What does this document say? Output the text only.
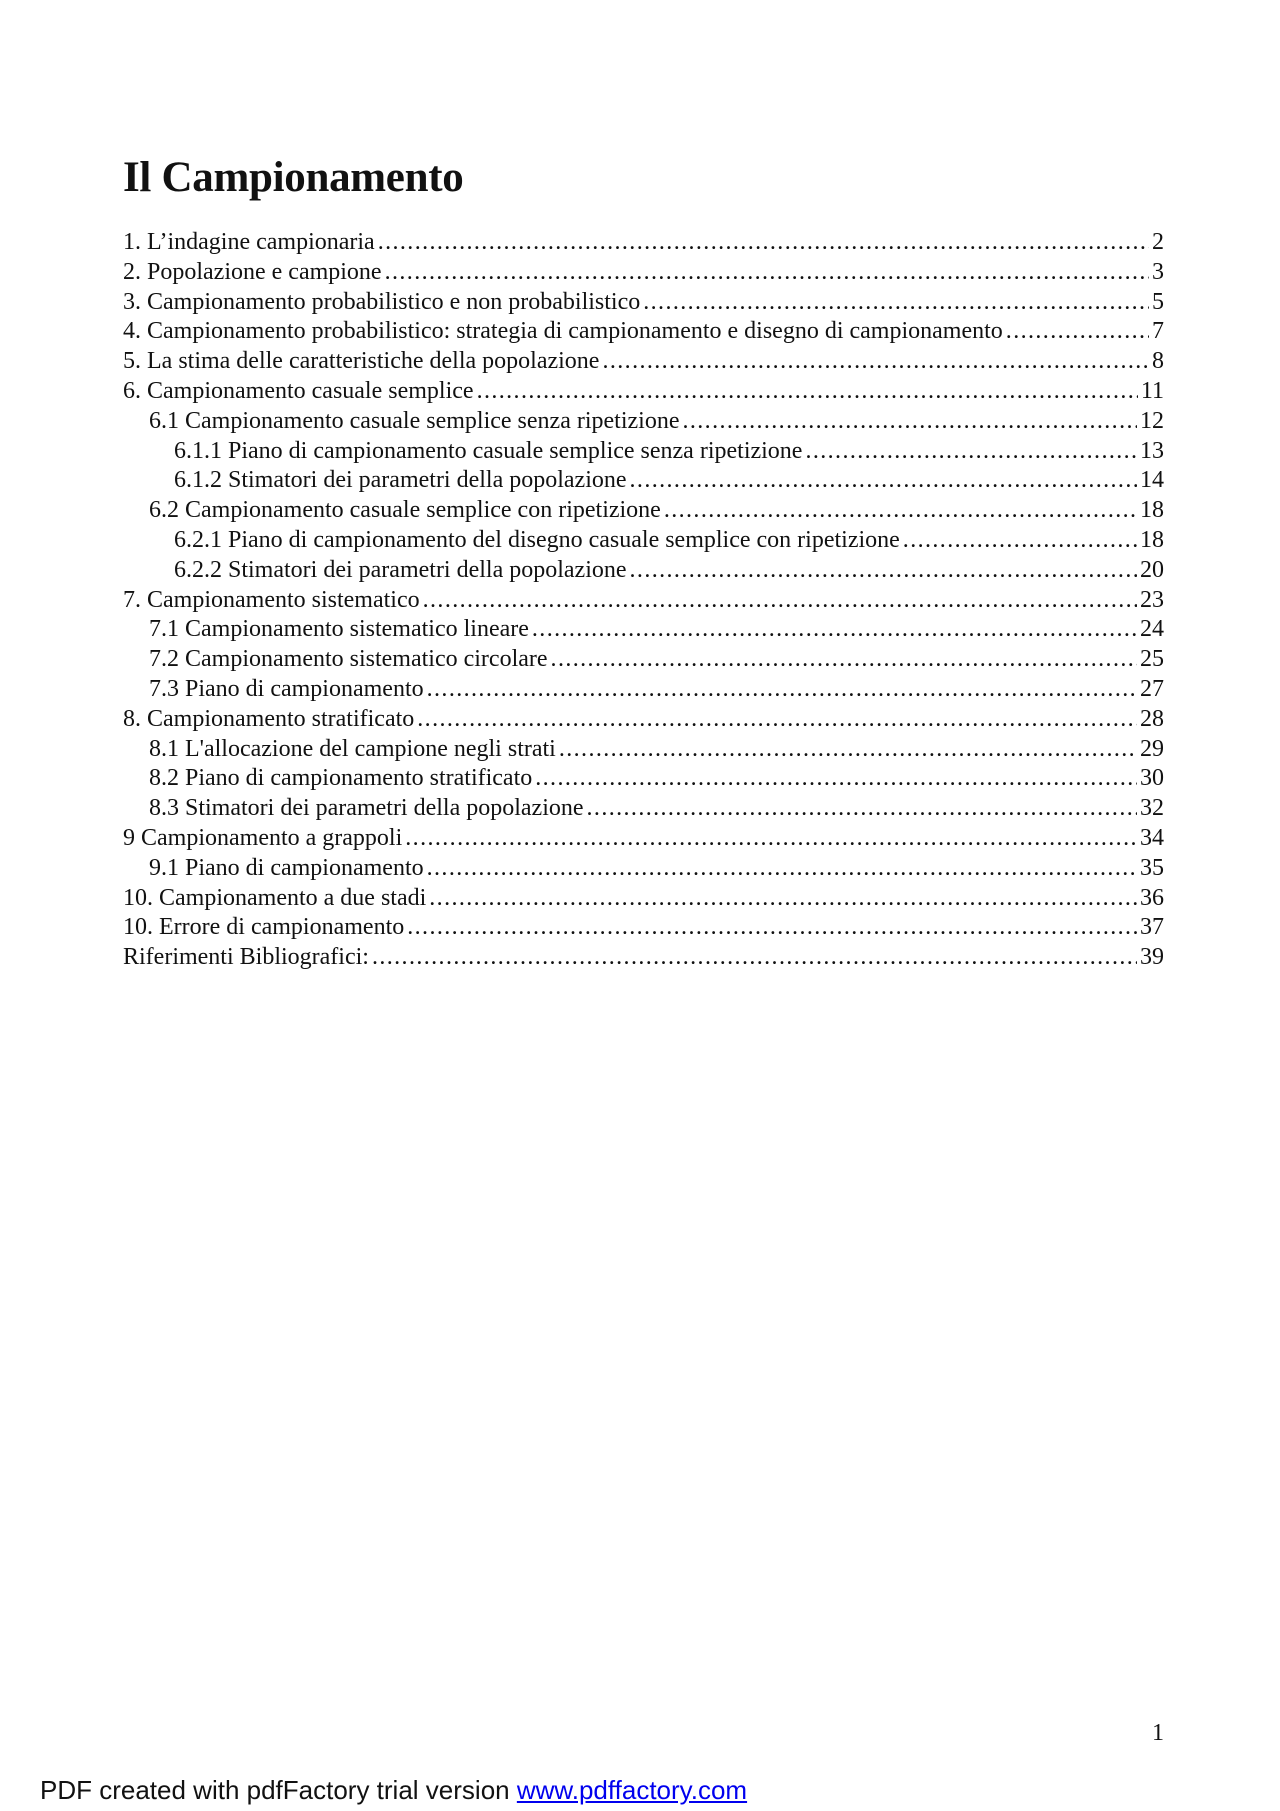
Il Campionamento
1. L’indagine campionaria .....	2
2. Popolazione e campione .....	3
3. Campionamento probabilistico e non probabilistico .....	5
4. Campionamento probabilistico: strategia di campionamento e disegno di campionamento .....	7
5. La stima delle caratteristiche della popolazione .....	8
6. Campionamento casuale semplice .....	11
6.1 Campionamento casuale semplice senza ripetizione .....	12
6.1.1 Piano di campionamento casuale semplice senza ripetizione .....	13
6.1.2 Stimatori dei parametri della popolazione .....	14
6.2 Campionamento casuale semplice con ripetizione .....	18
6.2.1 Piano di campionamento del disegno casuale semplice con ripetizione .....	18
6.2.2 Stimatori dei parametri della popolazione .....	20
7. Campionamento sistematico .....	23
7.1 Campionamento sistematico lineare .....	24
7.2 Campionamento sistematico circolare .....	25
7.3 Piano di campionamento .....	27
8. Campionamento stratificato .....	28
8.1 L'allocazione del campione negli strati .....	29
8.2 Piano di campionamento stratificato .....	30
8.3 Stimatori dei parametri della popolazione .....	32
9 Campionamento a grappoli .....	34
9.1 Piano di campionamento .....	35
10. Campionamento a due stadi .....	36
10. Errore di campionamento .....	37
Riferimenti Bibliografici: .....	39
1
PDF created with pdfFactory trial version www.pdffactory.com
